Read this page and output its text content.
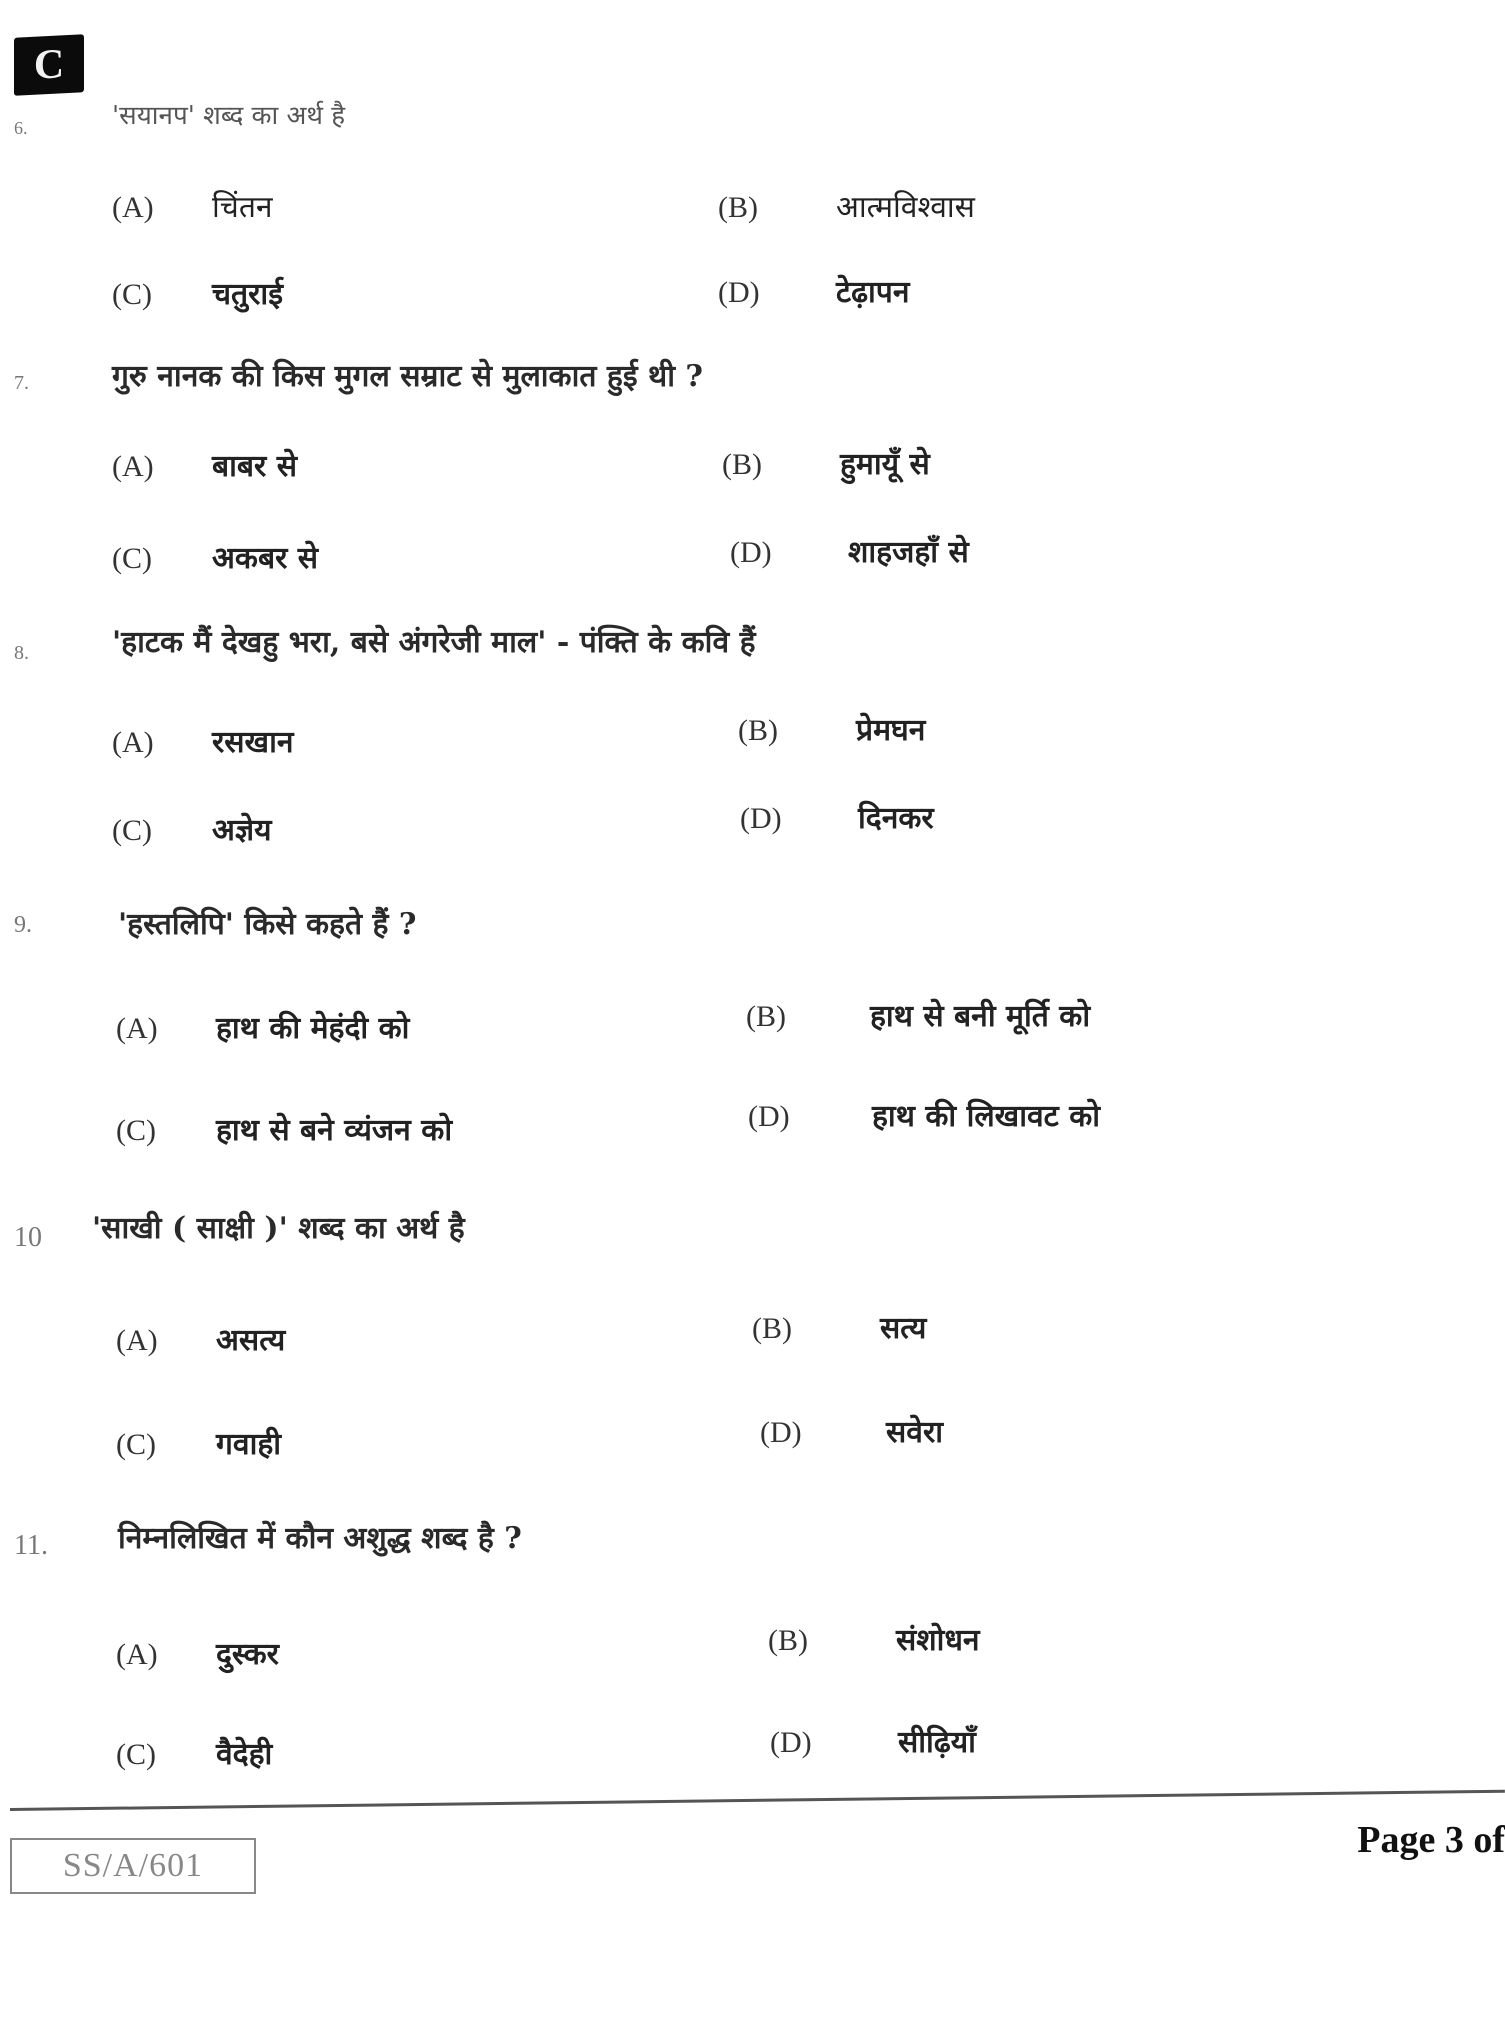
C
6.	'सयानप' शब्द का अर्थ है
(A)	चिंतन	(B)	आत्मविश्वास
(C)	चतुराई	(D)	टेढ़ापन
7.	गुरु नानक की किस मुगल सम्राट से मुलाकात हुई थी ?
(A)	बाबर से	(B)	हुमायूँ से
(C)	अकबर से	(D)	शाहजहाँ से
8.	'हाटक मैं देखहु भरा, बसे अंगरेजी माल' - पंक्ति के कवि हैं
(A)	रसखान	(B)	प्रेमघन
(C)	अज्ञेय	(D)	दिनकर
9.	'हस्तलिपि' किसे कहते हैं ?
(A)	हाथ की मेहंदी को	(B)	हाथ से बनी मूर्ति को
(C)	हाथ से बने व्यंजन को	(D)	हाथ की लिखावट को
10 'साखी ( साक्षी )' शब्द का अर्थ है
(A)	असत्य	(B)	सत्य
(C)	गवाही	(D)	सवेरा
11. निम्नलिखित में कौन अशुद्ध शब्द है ?
(A)	दुस्कर	(B)	संशोधन
(C)	वैदेही	(D)	सीढ़ियाँ
SS/A/601
Page 3 of
